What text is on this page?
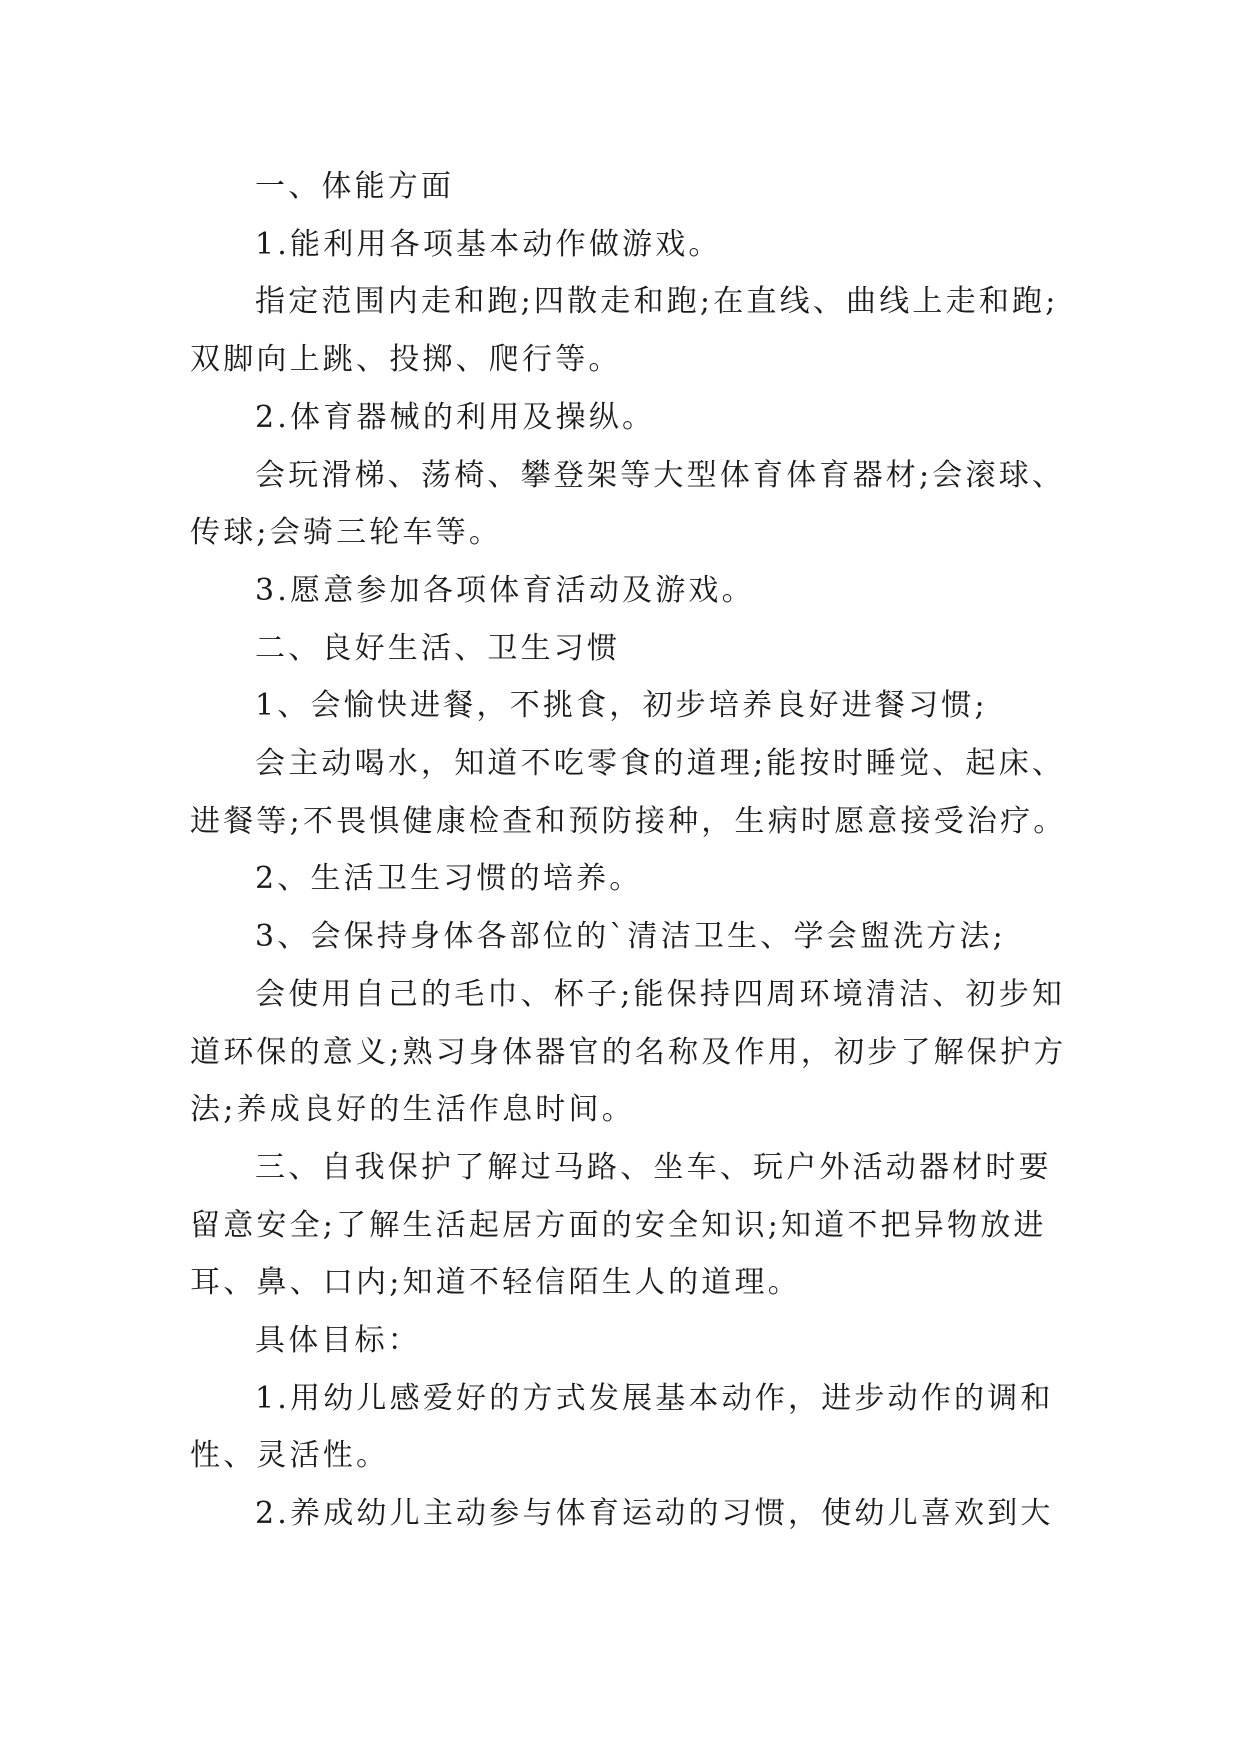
一、体能方面

1.能利用各项基本动作做游戏。

指定范围内走和跑;四散走和跑;在直线、曲线上走和跑;双脚向上跳、投掷、爬行等。

2.体育器械的利用及操纵。

会玩滑梯、荡椅、攀登架等大型体育体育器材;会滚球、传球;会骑三轮车等。

3.愿意参加各项体育活动及游戏。

二、良好生活、卫生习惯

1、会愉快进餐，不挑食，初步培养良好进餐习惯;

会主动喝水，知道不吃零食的道理;能按时睡觉、起床、进餐等;不畏惧健康检查和预防接种，生病时愿意接受治疗。

2、生活卫生习惯的培养。

3、会保持身体各部位的`清洁卫生、学会盥洗方法;

会使用自己的毛巾、杯子;能保持四周环境清洁、初步知道环保的意义;熟习身体器官的名称及作用，初步了解保护方法;养成良好的生活作息时间。

三、自我保护了解过马路、坐车、玩户外活动器材时要留意安全;了解生活起居方面的安全知识;知道不把异物放进耳、鼻、口内;知道不轻信陌生人的道理。

具体目标：

1.用幼儿感爱好的方式发展基本动作，进步动作的调和性、灵活性。

2.养成幼儿主动参与体育运动的习惯，使幼儿喜欢到大
